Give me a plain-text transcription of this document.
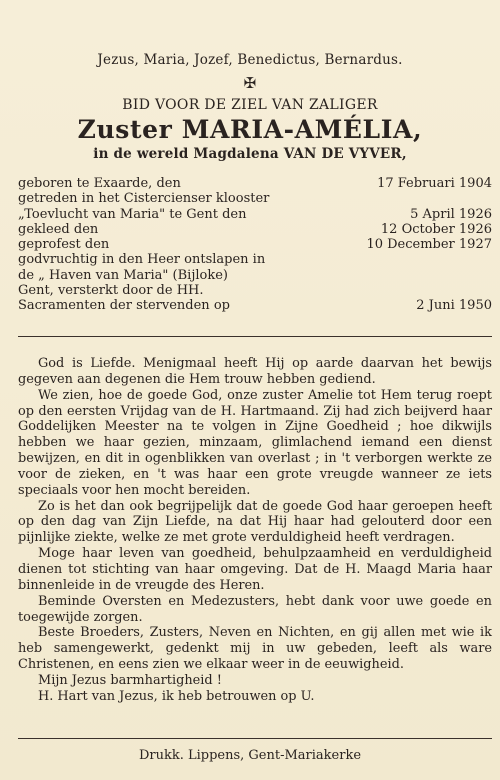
Jezus, Maria, Jozef, Benedictus, Bernardus.
✠
BID VOOR DE ZIEL VAN ZALIGER
Zuster MARIA-AMÉLIA,
in de wereld Magdalena VAN DE VYVER,
geboren te Exaarde, den	17 Februari 1904
getreden in het Cistercienser klooster
„Toevlucht van Maria" te Gent den	5 April 1926
gekleed den	12 October 1926
geprofest den	10 December 1927
godvruchtig in den Heer ontslapen in
de „ Haven van Maria" (Bijloke)
Gent, versterkt door de HH.
Sacramenten der stervenden op	2 Juni 1950

God is Liefde. Menigmaal heeft Hij op aarde daarvan het bewijs gegeven aan degenen die Hem trouw hebben gediend.

We zien, hoe de goede God, onze zuster Amelie tot Hem terug roept op den eersten Vrijdag van de H. Hartmaand. Zij had zich beijverd haar Goddelijken Meester na te volgen in Zijne Goedheid ; hoe dikwijls hebben we haar gezien, minzaam, glimlachend iemand een dienst bewijzen, en dit in ogenblikken van overlast ; in 't verborgen werkte ze voor de zieken, en 't was haar een grote vreugde wanneer ze iets speciaals voor hen mocht bereiden.

Zo is het dan ook begrijpelijk dat de goede God haar geroepen heeft op den dag van Zijn Liefde, na dat Hij haar had gelouterd door een pijnlijke ziekte, welke ze met grote verduldigheid heeft verdragen.

Moge haar leven van goedheid, behulpzaamheid en verduldigheid dienen tot stichting van haar omgeving. Dat de H. Maagd Maria haar binnenleide in de vreugde des Heren.

Beminde Oversten en Medezusters, hebt dank voor uwe goede en toegewijde zorgen.

Beste Broeders, Zusters, Neven en Nichten, en gij allen met wie ik heb samengewerkt, gedenkt mij in uw gebeden, leeft als ware Christenen, en eens zien we elkaar weer in de eeuwigheid.

Mijn Jezus barmhartigheid !

H. Hart van Jezus, ik heb betrouwen op U.

Drukk. Lippens, Gent-Mariakerke
